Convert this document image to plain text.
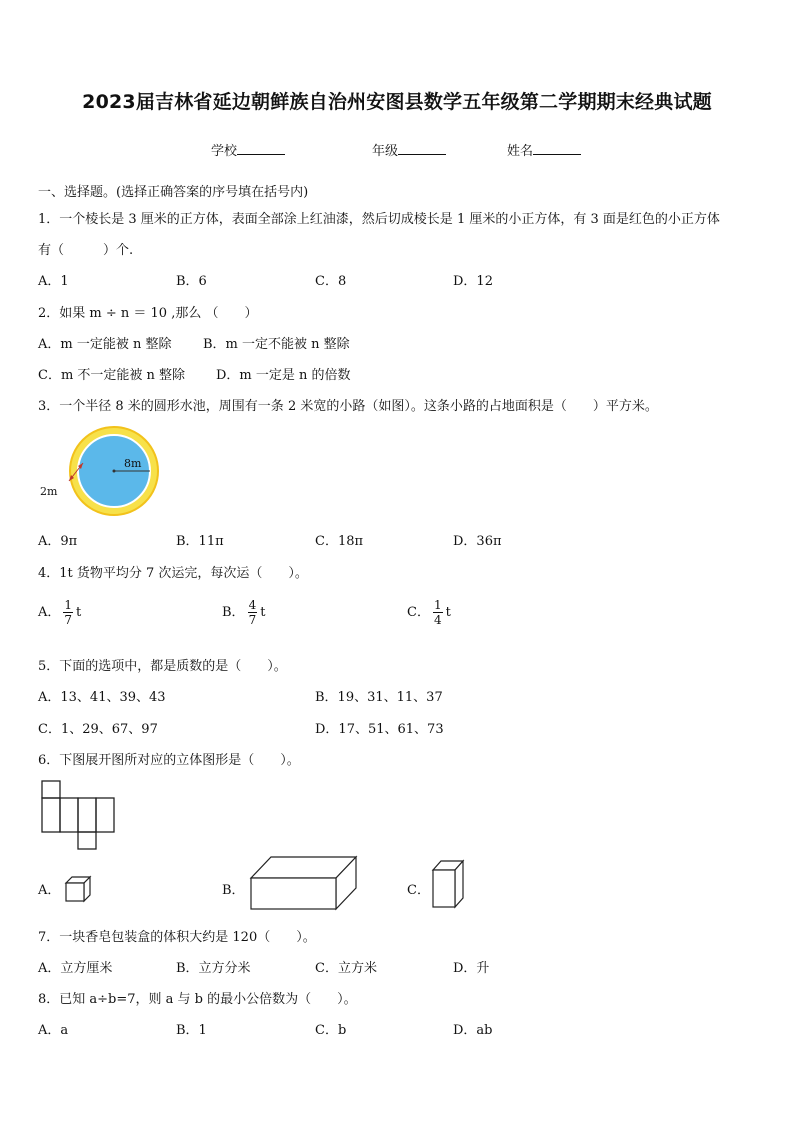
2023届吉林省延边朝鲜族自治州安图县数学五年级第二学期期末经典试题
学校	年级	姓名
一、选择题。(选择正确答案的序号填在括号内)
1．一个棱长是 3 厘米的正方体，表面全部涂上红油漆，然后切成棱长是 1 厘米的小正方体，有 3 面是红色的小正方体
有（　　　）个.
A．1	B．6	C．8	D．12
2．如果 m ÷ n ＝ 10 ,那么 （　　）
A．m 一定能被 n 整除 B．m 一定不能被 n 整除
C．m 不一定能被 n 整除 D．m 一定是 n 的倍数
3．一个半径 8 米的圆形水池，周围有一条 2 米宽的小路（如图）。这条小路的占地面积是（　　）平方米。
8m
2m
A．9π	B．11π	C．18π	D．36π
4．1t 货物平均分 7 次运完，每次运（　　）。
A． $\frac{1}{7}$ t	B． $\frac{4}{7}$ t	C． $\frac{1}{4}$ t
5．下面的选项中，都是质数的是（　　）。
A．13、41、39、43	B．19、31、11、37
C．1、29、67、97	D．17、51、61、73
6．下图展开图所对应的立体图形是（　　）。
A．	B．	C．
7．一块香皂包装盒的体积大约是 120（　　）。
A．立方厘米	B．立方分米	C．立方米	D．升
8．已知 a÷b=7，则 a 与 b 的最小公倍数为（　　）。
A．a	B．1	C．b	D．ab
